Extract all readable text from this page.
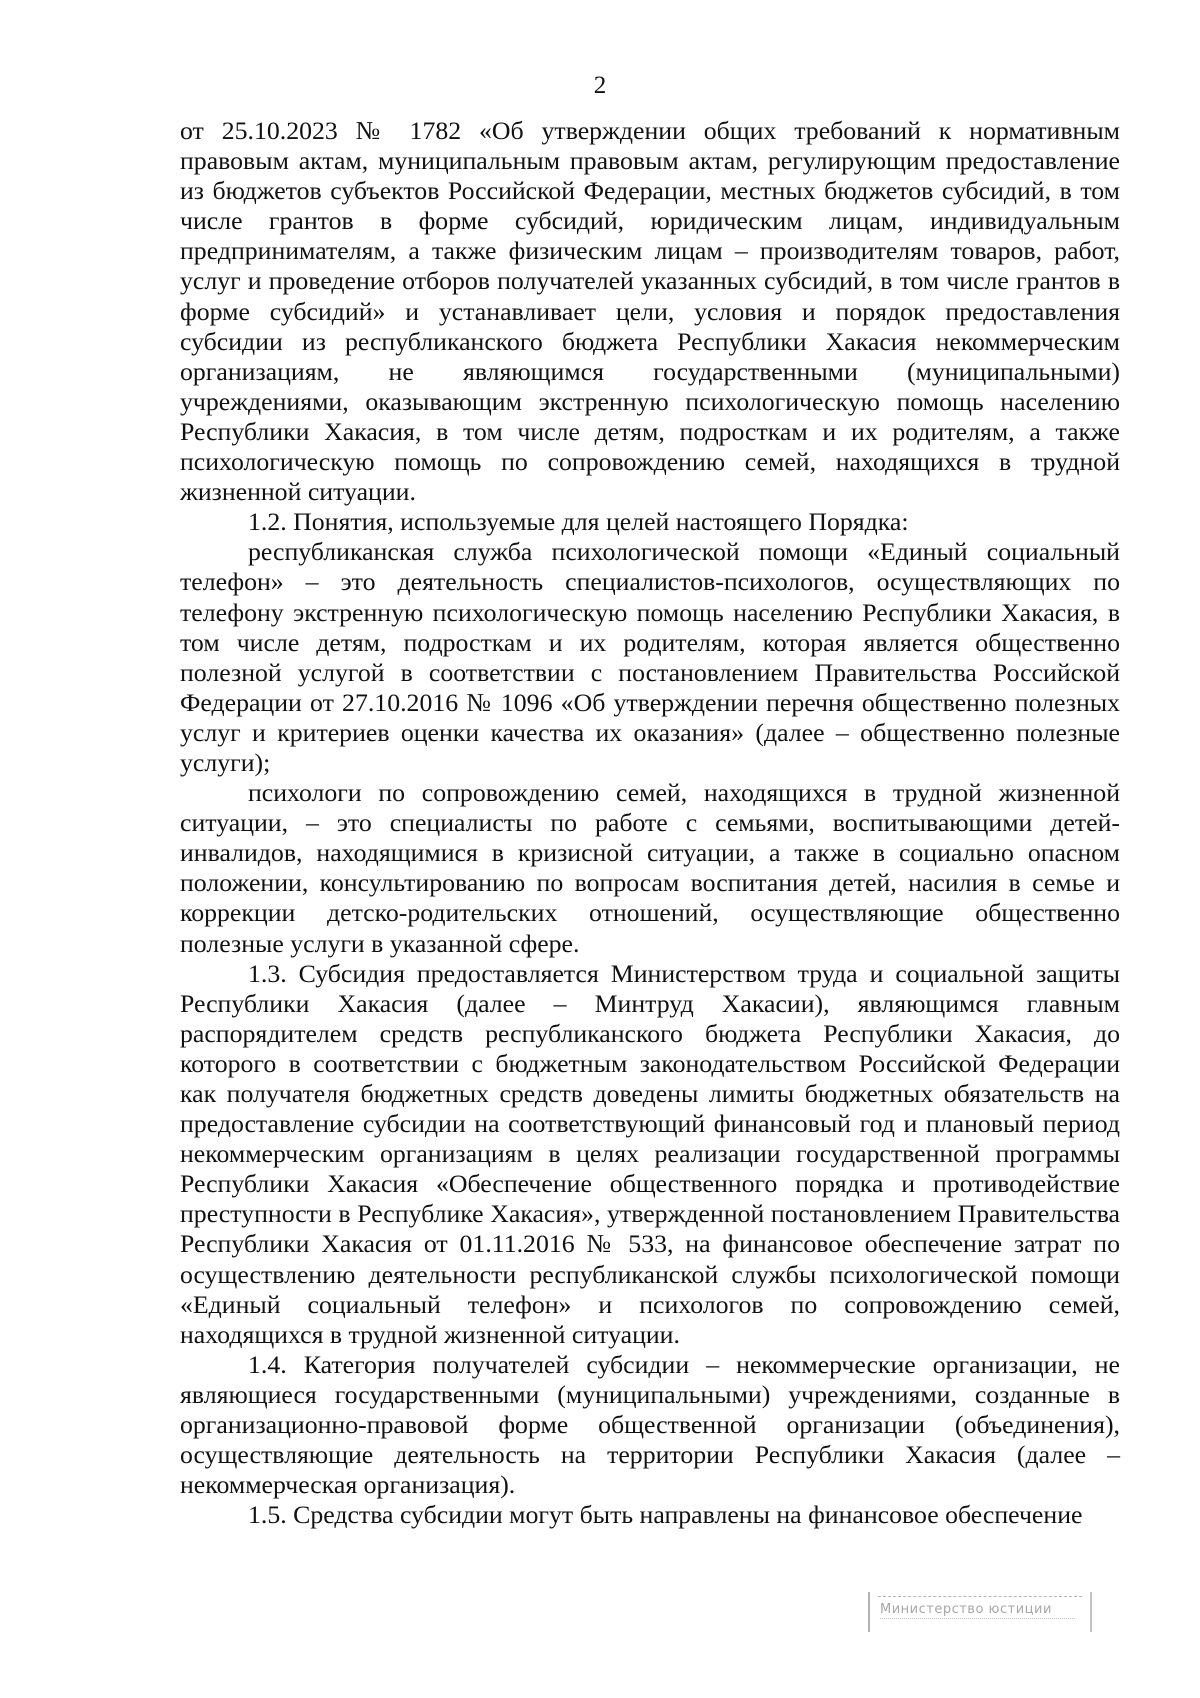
2

от 25.10.2023 № 1782 «Об утверждении общих требований к нормативным правовым актам, муниципальным правовым актам, регулирующим предоставление из бюджетов субъектов Российской Федерации, местных бюджетов субсидий, в том числе грантов в форме субсидий, юридическим лицам, индивидуальным предпринимателям, а также физическим лицам – производителям товаров, работ, услуг и проведение отборов получателей указанных субсидий, в том числе грантов в форме субсидий» и устанавливает цели, условия и порядок предоставления субсидии из республиканского бюджета Республики Хакасия некоммерческим организациям, не являющимся государственными (муниципальными) учреждениями, оказывающим экстренную психологическую помощь населению Республики Хакасия, в том числе детям, подросткам и их родителям, а также психологическую помощь по сопровождению семей, находящихся в трудной жизненной ситуации.

1.2. Понятия, используемые для целей настоящего Порядка:

республиканская служба психологической помощи «Единый социальный телефон» – это деятельность специалистов-психологов, осуществляющих по телефону экстренную психологическую помощь населению Республики Хакасия, в том числе детям, подросткам и их родителям, которая является общественно полезной услугой в соответствии с постановлением Правительства Российской Федерации от 27.10.2016 № 1096 «Об утверждении перечня общественно полезных услуг и критериев оценки качества их оказания» (далее – общественно полезные услуги);

психологи по сопровождению семей, находящихся в трудной жизненной ситуации, – это специалисты по работе с семьями, воспитывающими детей-инвалидов, находящимися в кризисной ситуации, а также в социально опасном положении, консультированию по вопросам воспитания детей, насилия в семье и коррекции детско-родительских отношений, осуществляющие общественно полезные услуги в указанной сфере.

1.3. Субсидия предоставляется Министерством труда и социальной защиты Республики Хакасия (далее – Минтруд Хакасии), являющимся главным распорядителем средств республиканского бюджета Республики Хакасия, до которого в соответствии с бюджетным законодательством Российской Федерации как получателя бюджетных средств доведены лимиты бюджетных обязательств на предоставление субсидии на соответствующий финансовый год и плановый период некоммерческим организациям в целях реализации государственной программы Республики Хакасия «Обеспечение общественного порядка и противодействие преступности в Республике Хакасия», утвержденной постановлением Правительства Республики Хакасия от 01.11.2016 № 533, на финансовое обеспечение затрат по осуществлению деятельности республиканской службы психологической помощи «Единый социальный телефон» и психологов по сопровождению семей, находящихся в трудной жизненной ситуации.

1.4. Категория получателей субсидии – некоммерческие организации, не являющиеся государственными (муниципальными) учреждениями, созданные в организационно-правовой форме общественной организации (объединения), осуществляющие деятельность на территории Республики Хакасия (далее – некоммерческая организация).

1.5. Средства субсидии могут быть направлены на финансовое обеспечение

Министерство юстиции
